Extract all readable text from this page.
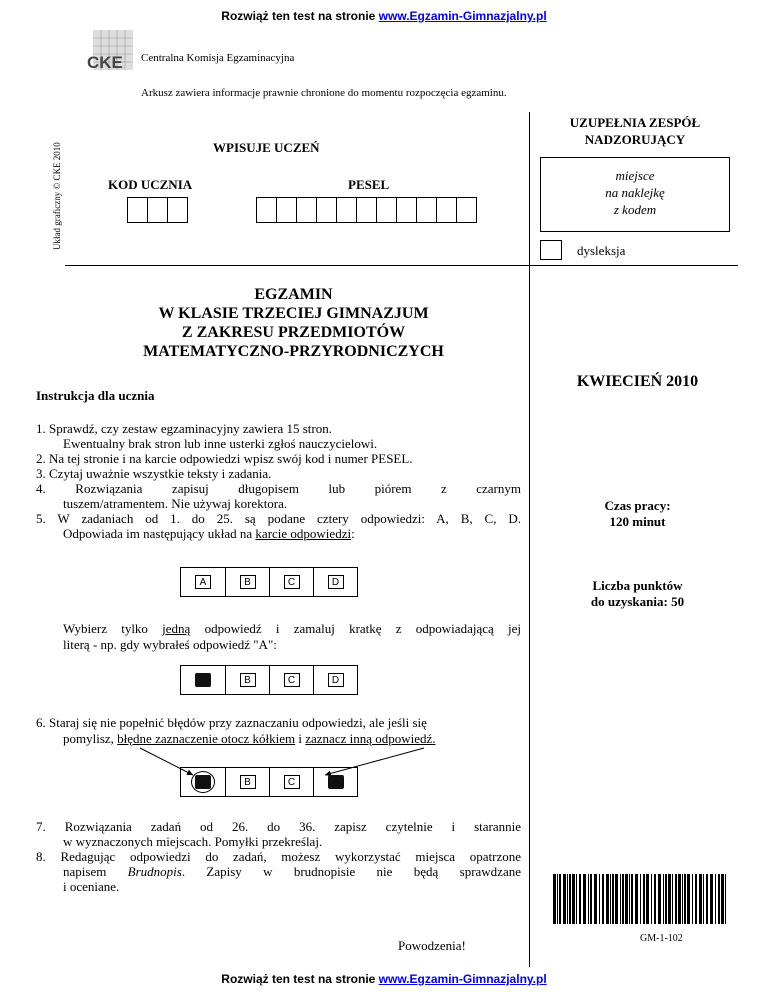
Rozwiąż ten test na stronie www.Egzamin-Gimnazjalny.pl
CKE Centralna Komisja Egzaminacyjna
Arkusz zawiera informacje prawnie chronione do momentu rozpoczęcia egzaminu.
Układ graficzny © CKE 2010	WPISUJE UCZEŃ
KOD UCZNIA	PESEL
UZUPEŁNIA ZESPÓŁ
NADZORUJĄCY
miejsce
na naklejkę
z kodem
dysleksja
EGZAMIN
W KLASIE TRZECIEJ GIMNAZJUM
Z ZAKRESU PRZEDMIOTÓW
MATEMATYCZNO-PRZYRODNICZYCH
KWIECIEŃ 2010
Instrukcja dla ucznia
1. Sprawdź, czy zestaw egzaminacyjny zawiera 15 stron.
Ewentualny brak stron lub inne usterki zgłoś nauczycielowi.
2. Na tej stronie i na karcie odpowiedzi wpisz swój kod i numer PESEL.
3. Czytaj uważnie wszystkie teksty i zadania.
4. Rozwiązania zapisuj długopisem lub piórem z czarnym
tuszem/atramentem. Nie używaj korektora.
5. W zadaniach od 1. do 25. są podane cztery odpowiedzi: A, B, C, D.
Odpowiada im następujący układ na karcie odpowiedzi:
A	B	C	D
Wybierz tylko jedną odpowiedź i zamaluj kratkę z odpowiadającą jej
literą - np. gdy wybrałeś odpowiedź "A":
B	C	D
6. Staraj się nie popełnić błędów przy zaznaczaniu odpowiedzi, ale jeśli się
pomylisz, błędne zaznaczenie otocz kółkiem i zaznacz inną odpowiedź.
B	C
7. Rozwiązania zadań od 26. do 36. zapisz czytelnie i starannie
w wyznaczonych miejscach. Pomyłki przekreślaj.
8. Redagując odpowiedzi do zadań, możesz wykorzystać miejsca opatrzone
napisem Brudnopis. Zapisy w brudnopisie nie będą sprawdzane
i oceniane.
Czas pracy:
120 minut
Liczba punktów
do uzyskania: 50
Powodzenia!	GM-1-102
Rozwiąż ten test na stronie www.Egzamin-Gimnazjalny.pl
